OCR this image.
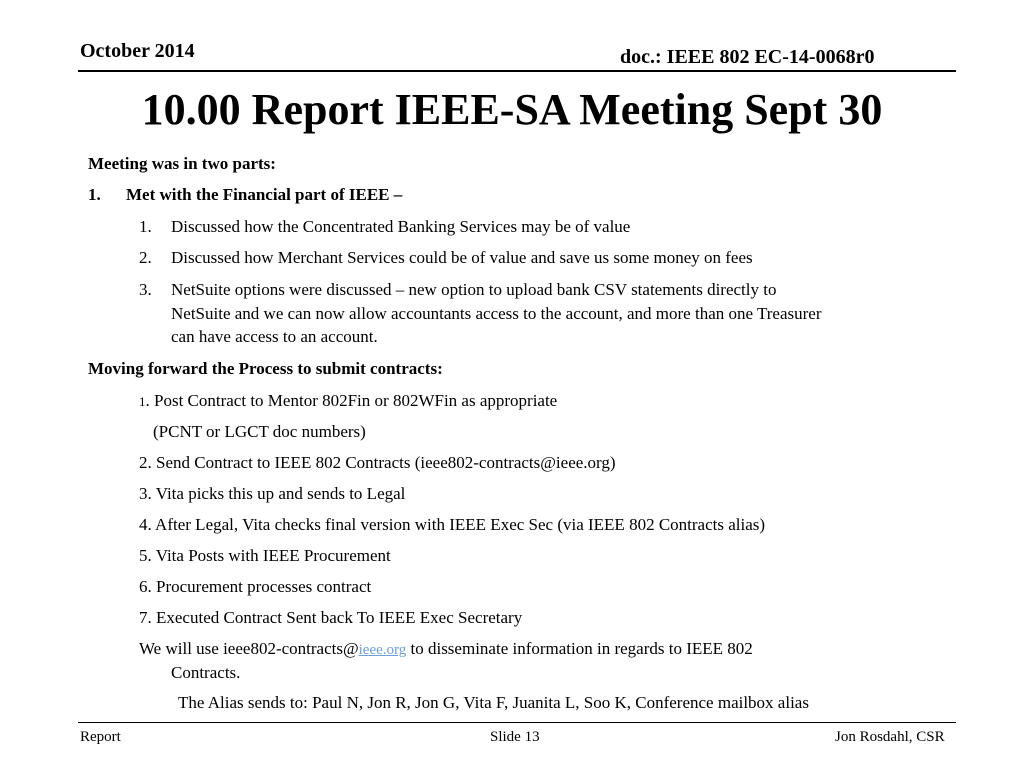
October 2014	doc.: IEEE 802 EC-14-0068r0
10.00 Report IEEE-SA Meeting Sept 30
Meeting was in two parts:
1. Met with the Financial part of IEEE –
1. Discussed how the Concentrated Banking Services may be of value
2. Discussed how Merchant Services could be of value and save us some money on fees
3. NetSuite options were discussed – new option to upload bank CSV statements directly to
NetSuite and we can now allow accountants access to the account, and more than one Treasurer
can have access to an account.
Moving forward the Process to submit contracts:
1. Post Contract to Mentor 802Fin or 802WFin as appropriate
(PCNT or LGCT doc numbers)
2. Send Contract to IEEE 802 Contracts (ieee802-contracts@ieee.org)
3. Vita picks this up and sends to Legal
4. After Legal, Vita checks final version with IEEE Exec Sec (via IEEE 802 Contracts alias)
5. Vita Posts with IEEE Procurement
6. Procurement processes contract
7. Executed Contract Sent back To IEEE Exec Secretary
We will use ieee802-contracts@ieee.org to disseminate information in regards to IEEE 802
Contracts.
The Alias sends to: Paul N, Jon R, Jon G, Vita F, Juanita L, Soo K, Conference mailbox alias
Report	Slide 13	Jon Rosdahl, CSR
